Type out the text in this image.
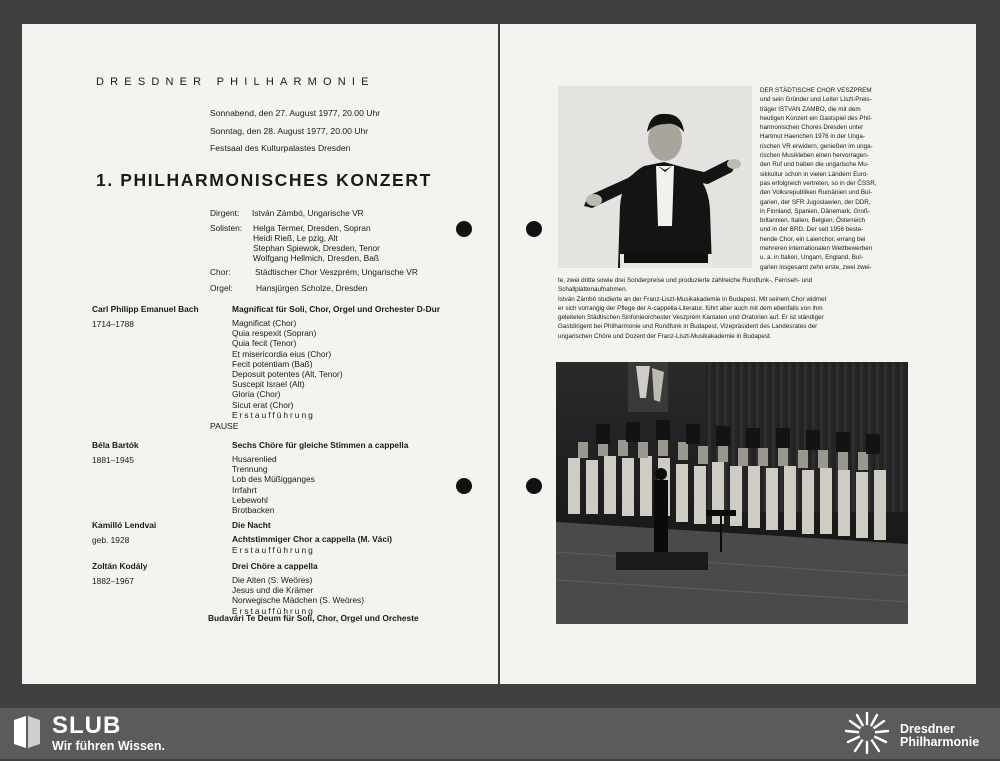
DRESDNER PHILHARMONIE
Sonnabend, den 27. August 1977, 20.00 Uhr
Sonntag, den 28. August 1977, 20.00 Uhr
Festsaal des Kulturpalastes Dresden
1. PHILHARMONISCHES KONZERT
Dirgent: István Zámbó, Ungarische VR
Solisten: Helga Termer, Dresden, Sopran
Heidi Rieß, Le pzig, Alt
Stephan Spiewok, Dresden, Tenor
Wolfgang Hellmich, Dresden, Baß
Chor:	Städtischer Chor Veszprém, Ungarische VR
Orgel:	Hansjürgen Scholze, Dresden
Carl Philipp Emanuel Bach
1714–1788
Magnificat für Soli, Chor, Orgel und Orchester D-Dur
Magnificat (Chor)
Quia respexit (Sopran)
Quia fecit (Tenor)
Et misericordia eius (Chor)
Fecit potentiam (Baß)
Deposuit potentes (Alt, Tenor)
Suscepit Israel (Alt)
Gloria (Chor)
Sicut erat (Chor)
Erstaufführung
PAUSE
Béla Bartók
1881–1945
Sechs Chöre für gleiche Stimmen a cappella
Husarenlied
Trennung
Lob des Müßigganges
Irrfahrt
Lebewohl
Brotbacken
Kamilló Lendvai
geb. 1928
Die Nacht
Achtstimmiger Chor a cappella (M. Váci)
Erstaufführung
Zoltán Kodály
1882–1967
Drei Chöre a cappella
Die Alten (S. Weöres)
Jesus und die Krämer
Norwegische Mädchen (S. Weöres)
Erstaufführung
Budavári Te Deum für Soli, Chor, Orgel und Orcheste
DER STÄDTISCHE CHOR VESZPREM
und sein Gründer und Leiter Liszt-Preis-
träger ISTVAN ZAMBO, die mit dem
heutigen Konzert ein Gastspiel des Phil-
harmonischen Chores Dresden unter
Hartmut Haenchen 1976 in der Unga-
rischen VR erwidern, genießen im unga-
rischen Musikleben einen hervorragen-
den Ruf und haben die ungarische Mu-
sikkultur schon in vielen Ländern Euro-
pas erfolgreich vertreten, so in der ČSSR,
den Volksrepubliken Rumänien und Bul-
garien, der SFR Jugoslawien, der DDR,
in Finnland, Spanien, Dänemark, Groß-
britannien, Italien, Belgien, Österreich
und in der BRD. Der seit 1956 beste-
hende Chor, ein Laienchor, errang bei
mehreren internationalen Wettbewerben
u. a. in Italien, Ungarn, England, Bul-
garien insgesamt zehn erste, zwei zwei-
te, zwei dritte sowie drei Sonderpreise und produzierte zahlreiche Rundfunk-, Fernseh- und
Schallplattenaufnahmen.
István Zámbó studierte an der Franz-Liszt-Musikakademie in Budapest. Mit seinem Chor widmet
er sich vorrangig der Pflege der A-cappella-Literatur, führt aber auch mit dem ebenfalls von ihm
geleiteten Städtischen Sinfonieorchester Veszprém Kantaten und Oratorien auf. Er ist ständiger
Gastdirigent bei Philharmonie und Rundfunk in Budapest, Vizepräsident des Landesrates der
ungarischen Chöre und Dozent der Franz-Liszt-Musikakademie in Budapest.
SLUB
Wir führen Wissen.
Dresdner
Philharmonie
